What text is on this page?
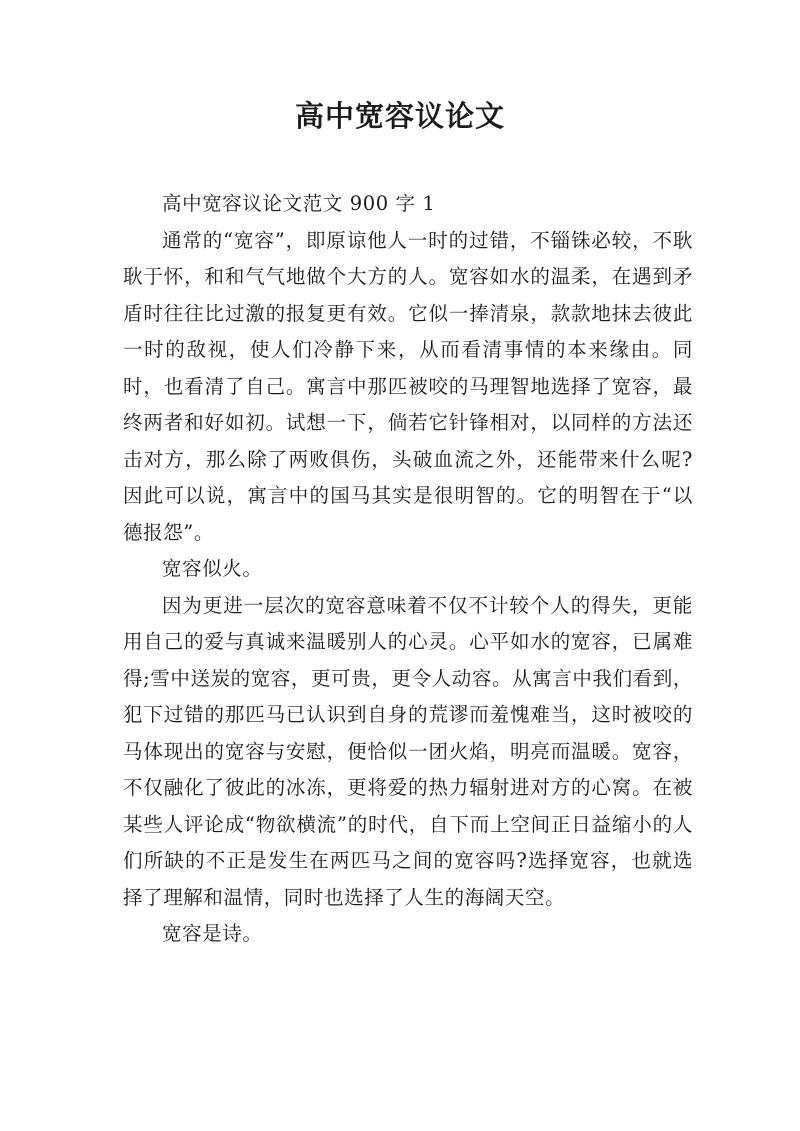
高中宽容议论文

高中宽容议论文范文 900 字 1

通常的“宽容”，即原谅他人一时的过错，不锱铢必较，不耿耿于怀，和和气气地做个大方的人。宽容如水的温柔，在遇到矛盾时往往比过激的报复更有效。它似一捧清泉，款款地抹去彼此一时的敌视，使人们冷静下来，从而看清事情的本来缘由。同时，也看清了自己。寓言中那匹被咬的马理智地选择了宽容，最终两者和好如初。试想一下，倘若它针锋相对，以同样的方法还击对方，那么除了两败俱伤，头破血流之外，还能带来什么呢?因此可以说，寓言中的国马其实是很明智的。它的明智在于“以德报怨”。

宽容似火。

因为更进一层次的宽容意味着不仅不计较个人的得失，更能用自己的爱与真诚来温暖别人的心灵。心平如水的宽容，已属难得;雪中送炭的宽容，更可贵，更令人动容。从寓言中我们看到，犯下过错的那匹马已认识到自身的荒谬而羞愧难当，这时被咬的马体现出的宽容与安慰，便恰似一团火焰，明亮而温暖。宽容，不仅融化了彼此的冰冻，更将爱的热力辐射进对方的心窝。在被某些人评论成“物欲横流”的时代，自下而上空间正日益缩小的人们所缺的不正是发生在两匹马之间的宽容吗?选择宽容，也就选择了理解和温情，同时也选择了人生的海阔天空。

宽容是诗。
